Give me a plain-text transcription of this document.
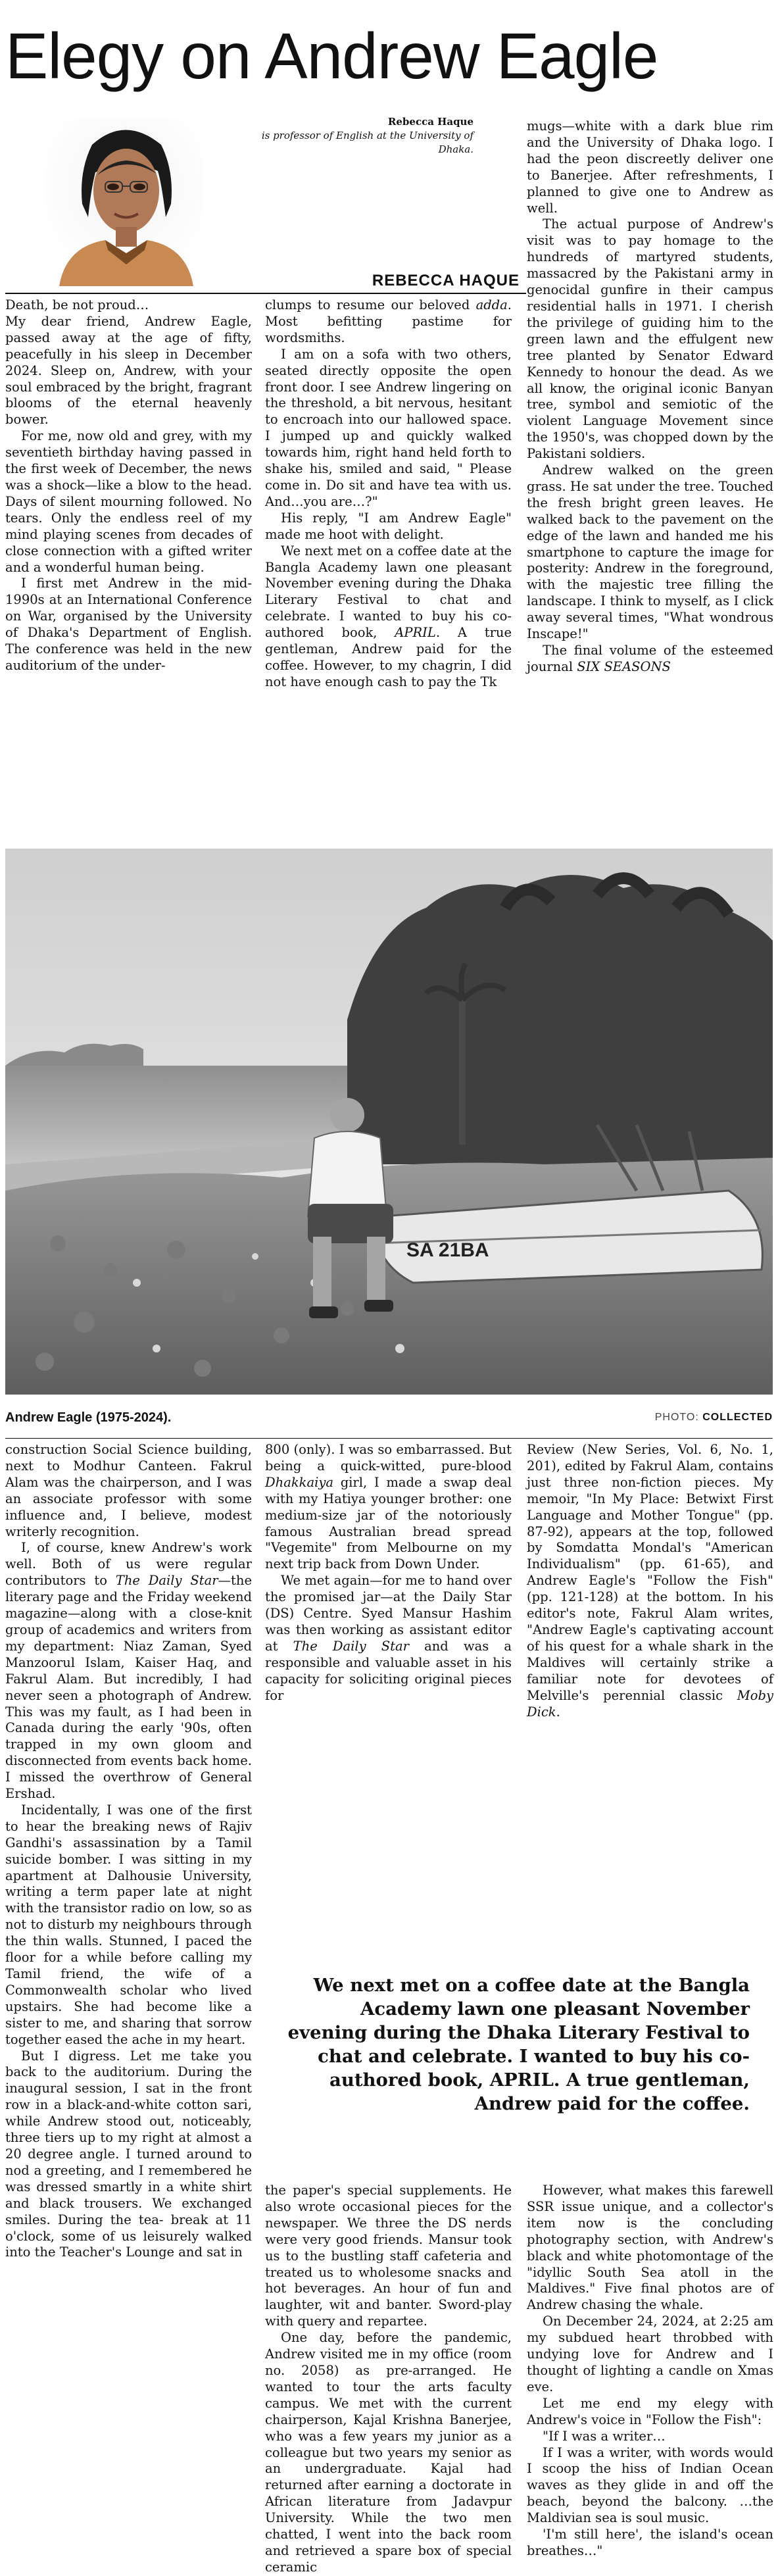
Elegy on Andrew Eagle
Rebecca Haque
is professor of English at the University of Dhaka.
REBECCA HAQUE

Death, be not proud…

My dear friend, Andrew Eagle, passed away at the age of fifty, peacefully in his sleep in December 2024. Sleep on, Andrew, with your soul embraced by the bright, fragrant blooms of the eternal heavenly bower.

For me, now old and grey, with my seventieth birthday having passed in the first week of December, the news was a shock—like a blow to the head. Days of silent mourning followed. No tears. Only the endless reel of my mind playing scenes from decades of close connection with a gifted writer and a wonderful human being.

I first met Andrew in the mid-1990s at an International Conference on War, organised by the University of Dhaka's Department of English. The conference was held in the new auditorium of the under-

clumps to resume our beloved adda. Most befitting pastime for wordsmiths.

I am on a sofa with two others, seated directly opposite the open front door. I see Andrew lingering on the threshold, a bit nervous, hesitant to encroach into our hallowed space. I jumped up and quickly walked towards him, right hand held forth to shake his, smiled and said, " Please come in. Do sit and have tea with us. And…you are…?"

His reply, "I am Andrew Eagle" made me hoot with delight.

We next met on a coffee date at the Bangla Academy lawn one pleasant November evening during the Dhaka Literary Festival to chat and celebrate. I wanted to buy his co-authored book, APRIL. A true gentleman, Andrew paid for the coffee. However, to my chagrin, I did not have enough cash to pay the Tk

mugs—white with a dark blue rim and the University of Dhaka logo. I had the peon discreetly deliver one to Banerjee. After refreshments, I planned to give one to Andrew as well.

The actual purpose of Andrew's visit was to pay homage to the hundreds of martyred students, massacred by the Pakistani army in genocidal gunfire in their campus residential halls in 1971. I cherish the privilege of guiding him to the green lawn and the effulgent new tree planted by Senator Edward Kennedy to honour the dead. As we all know, the original iconic Banyan tree, symbol and semiotic of the violent Language Movement since the 1950's, was chopped down by the Pakistani soldiers.

Andrew walked on the green grass. He sat under the tree. Touched the fresh bright green leaves. He walked back to the pavement on the edge of the lawn and handed me his smartphone to capture the image for posterity: Andrew in the foreground, with the majestic tree filling the landscape. I think to myself, as I click away several times, "What wondrous Inscape!"

The final volume of the esteemed journal SIX SEASONS

SA 21BA
Andrew Eagle (1975-2024).	PHOTO: COLLECTED

construction Social Science building, next to Modhur Canteen. Fakrul Alam was the chairperson, and I was an associate professor with some influence and, I believe, modest writerly recognition.

I, of course, knew Andrew's work well. Both of us were regular contributors to The Daily Star—the literary page and the Friday weekend magazine—along with a close-knit group of academics and writers from my department: Niaz Zaman, Syed Manzoorul Islam, Kaiser Haq, and Fakrul Alam. But incredibly, I had never seen a photograph of Andrew. This was my fault, as I had been in Canada during the early '90s, often trapped in my own gloom and disconnected from events back home. I missed the overthrow of General Ershad.

Incidentally, I was one of the first to hear the breaking news of Rajiv Gandhi's assassination by a Tamil suicide bomber. I was sitting in my apartment at Dalhousie University, writing a term paper late at night with the transistor radio on low, so as not to disturb my neighbours through the thin walls. Stunned, I paced the floor for a while before calling my Tamil friend, the wife of a Commonwealth scholar who lived upstairs. She had become like a sister to me, and sharing that sorrow together eased the ache in my heart.

But I digress. Let me take you back to the auditorium. During the inaugural session, I sat in the front row in a black-and-white cotton sari, while Andrew stood out, noticeably, three tiers up to my right at almost a 20 degree angle. I turned around to nod a greeting, and I remembered he was dressed smartly in a white shirt and black trousers. We exchanged smiles. During the tea- break at 11 o'clock, some of us leisurely walked into the Teacher's Lounge and sat in

800 (only). I was so embarrassed. But being a quick-witted, pure-blood Dhakkaiya girl, I made a swap deal with my Hatiya younger brother: one medium-size jar of the notoriously famous Australian bread spread "Vegemite" from Melbourne on my next trip back from Down Under.

We met again—for me to hand over the promised jar—at the Daily Star (DS) Centre. Syed Mansur Hashim was then working as assistant editor at The Daily Star and was a responsible and valuable asset in his capacity for soliciting original pieces for

Review (New Series, Vol. 6, No. 1, 201), edited by Fakrul Alam, contains just three non-fiction pieces. My memoir, "In My Place: Betwixt First Language and Mother Tongue" (pp. 87-92), appears at the top, followed by Somdatta Mondal's "American Individualism" (pp. 61-65), and Andrew Eagle's "Follow the Fish" (pp. 121-128) at the bottom. In his editor's note, Fakrul Alam writes, "Andrew Eagle's captivating account of his quest for a whale shark in the Maldives will certainly strike a familiar note for devotees of Melville's perennial classic Moby Dick.

We next met on a coffee date at the Bangla Academy lawn one pleasant November evening during the Dhaka Literary Festival to chat and celebrate. I wanted to buy his co-authored book, APRIL. A true gentleman, Andrew paid for the coffee.

the paper's special supplements. He also wrote occasional pieces for the newspaper. We three the DS nerds were very good friends. Mansur took us to the bustling staff cafeteria and treated us to wholesome snacks and hot beverages. An hour of fun and laughter, wit and banter. Sword-play with query and repartee.

One day, before the pandemic, Andrew visited me in my office (room no. 2058) as pre-arranged. He wanted to tour the arts faculty campus. We met with the current chairperson, Kajal Krishna Banerjee, who was a few years my junior as a colleague but two years my senior as an undergraduate. Kajal had returned after earning a doctorate in African literature from Jadavpur University. While the two men chatted, I went into the back room and retrieved a spare box of special ceramic

However, what makes this farewell SSR issue unique, and a collector's item now is the concluding photography section, with Andrew's black and white photomontage of the "idyllic South Sea atoll in the Maldives." Five final photos are of Andrew chasing the whale.

On December 24, 2024, at 2:25 am my subdued heart throbbed with undying love for Andrew and I thought of lighting a candle on Xmas eve.

Let me end my elegy with Andrew's voice in "Follow the Fish":

"If I was a writer…

If I was a writer, with words would I scoop the hiss of Indian Ocean waves as they glide in and off the beach, beyond the balcony. …the Maldivian sea is soul music.

'I'm still here', the island's ocean breathes…"
